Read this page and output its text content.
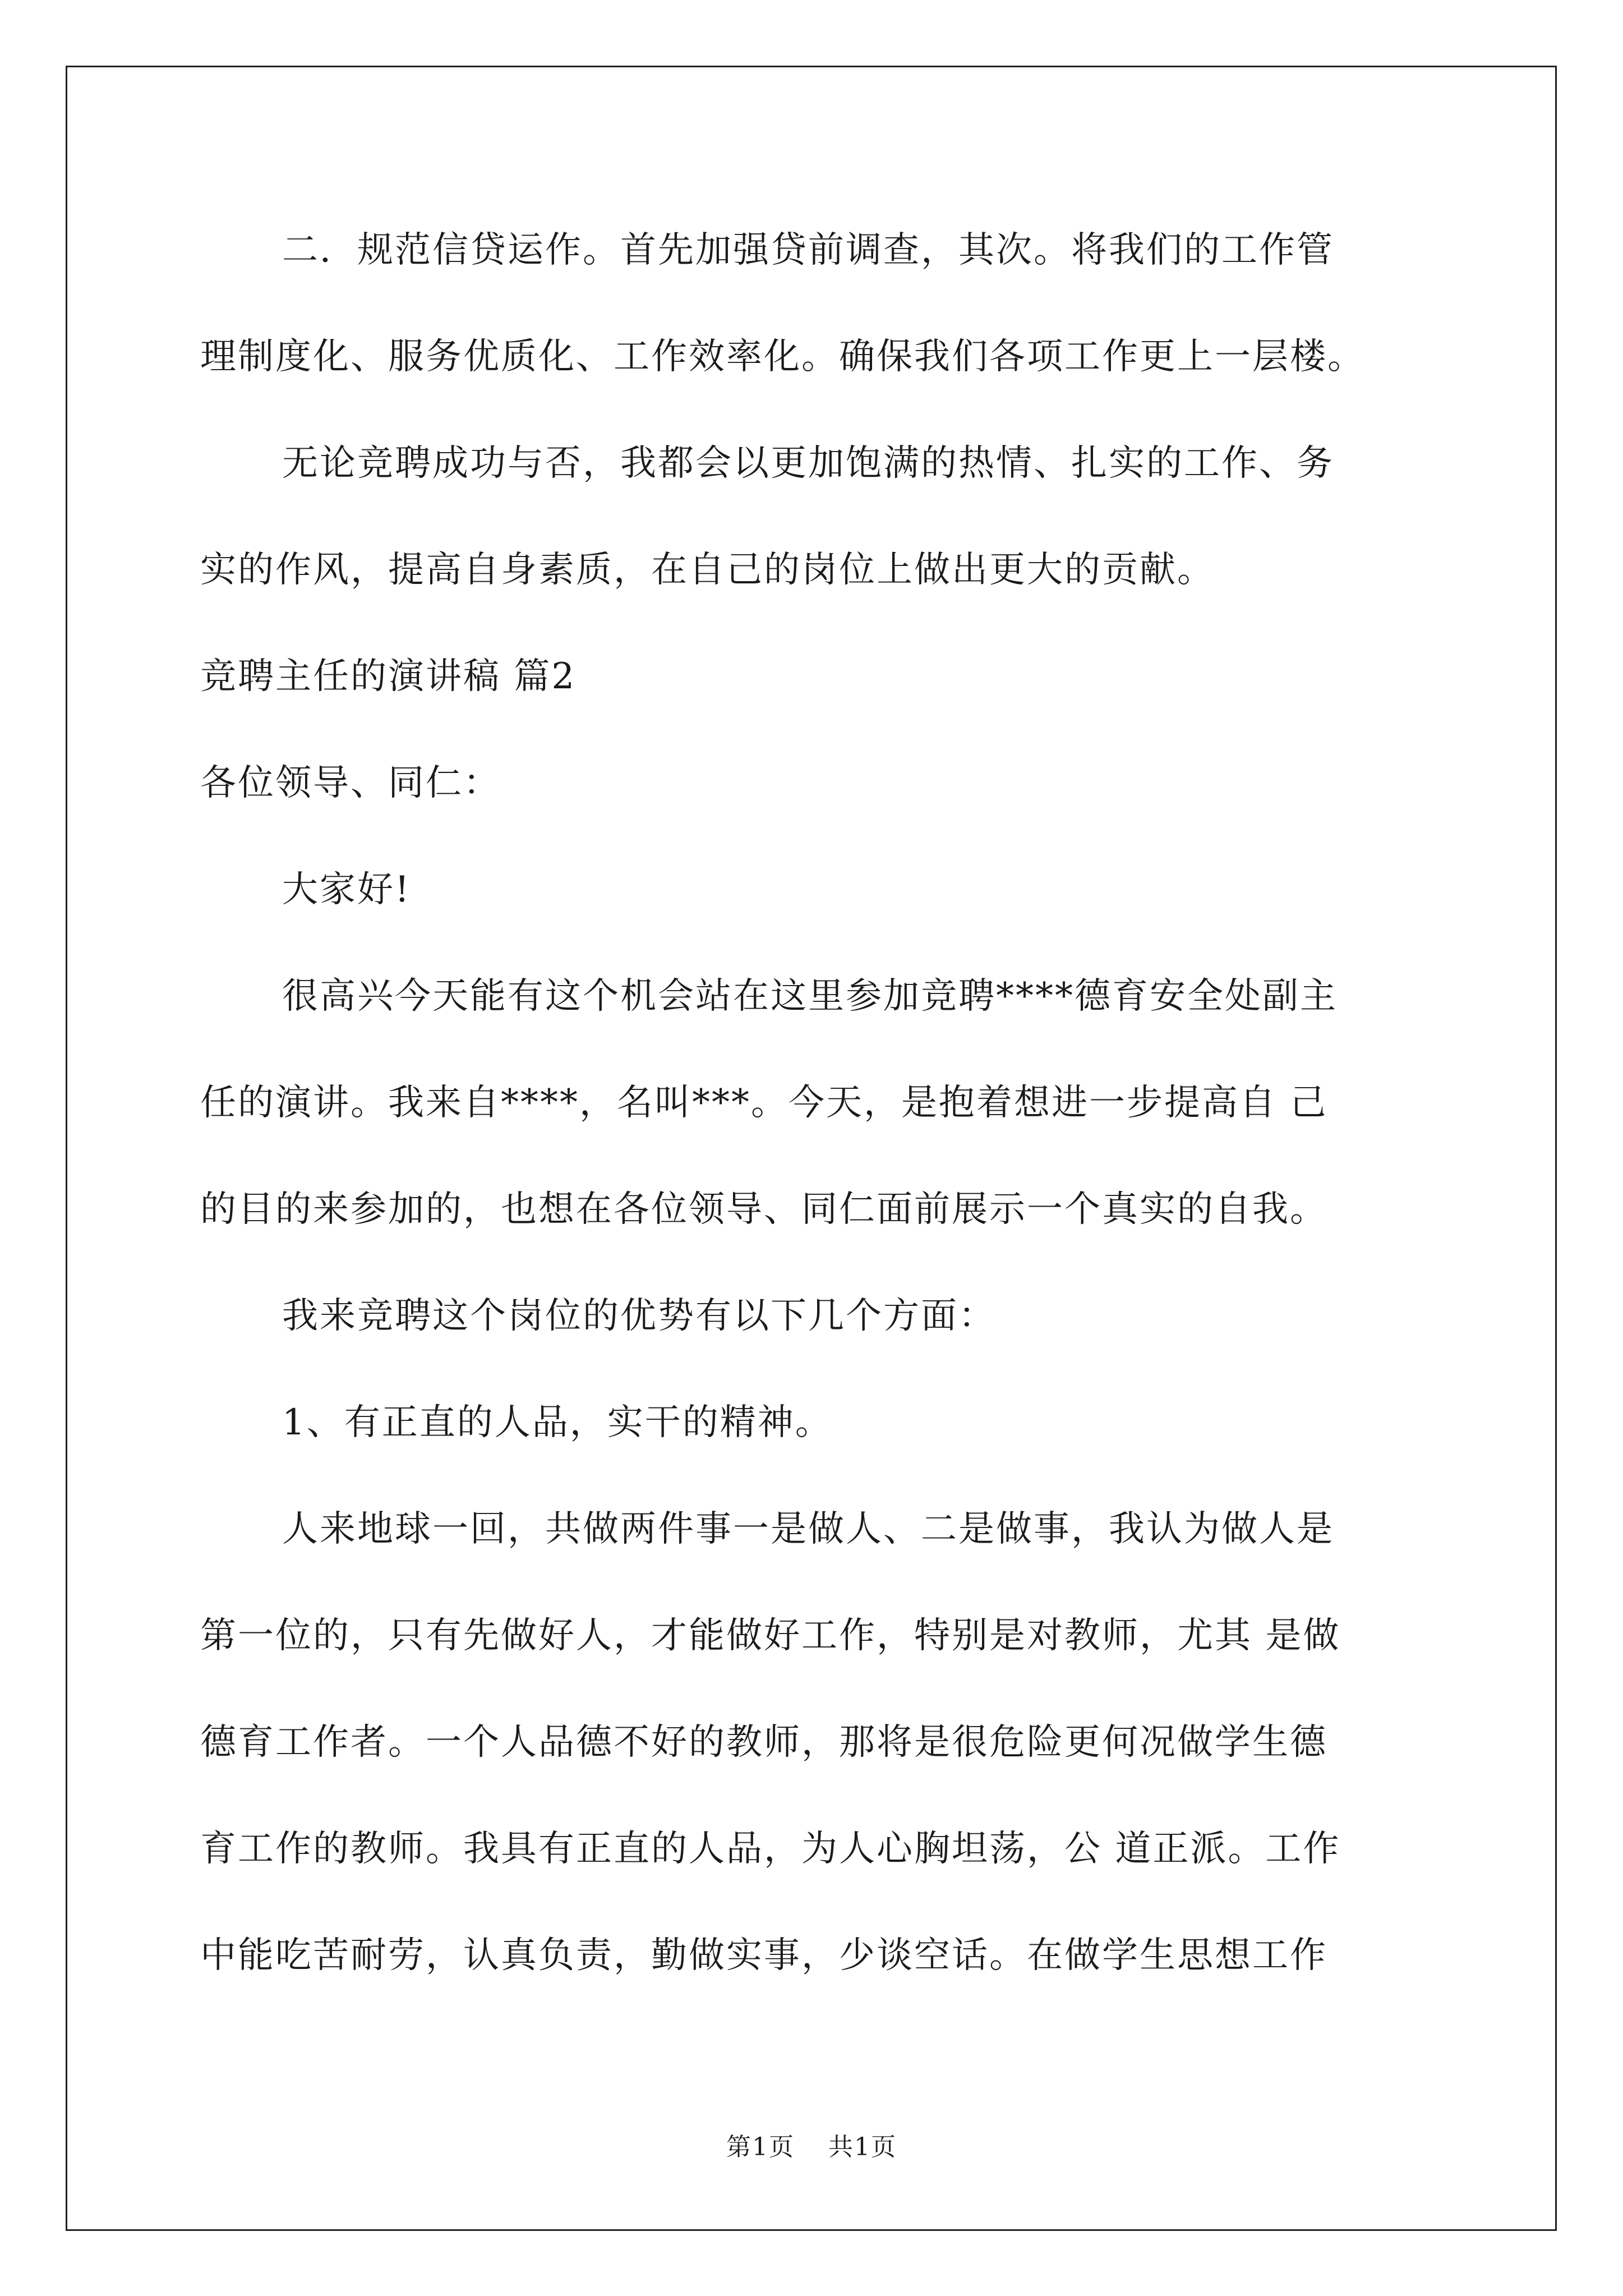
二．规范信贷运作。首先加强贷前调查，其次。将我们的工作管
理制度化、服务优质化、工作效率化。确保我们各项工作更上一层楼。
无论竞聘成功与否，我都会以更加饱满的热情、扎实的工作、务
实的作风，提高自身素质，在自己的岗位上做出更大的贡献。
竞聘主任的演讲稿 篇2
各位领导、同仁：
大家好!
很高兴今天能有这个机会站在这里参加竞聘****德育安全处副主
任的演讲。我来自****，名叫***。今天，是抱着想进一步提高自 己
的目的来参加的，也想在各位领导、同仁面前展示一个真实的自我。
我来竞聘这个岗位的优势有以下几个方面：
1、有正直的人品，实干的精神。
人来地球一回，共做两件事一是做人、二是做事，我认为做人是
第一位的，只有先做好人，才能做好工作，特别是对教师，尤其 是做
德育工作者。一个人品德不好的教师，那将是很危险更何况做学生德
育工作的教师。我具有正直的人品，为人心胸坦荡，公 道正派。工作
中能吃苦耐劳，认真负责，勤做实事，少谈空话。在做学生思想工作
第1页 共1页
